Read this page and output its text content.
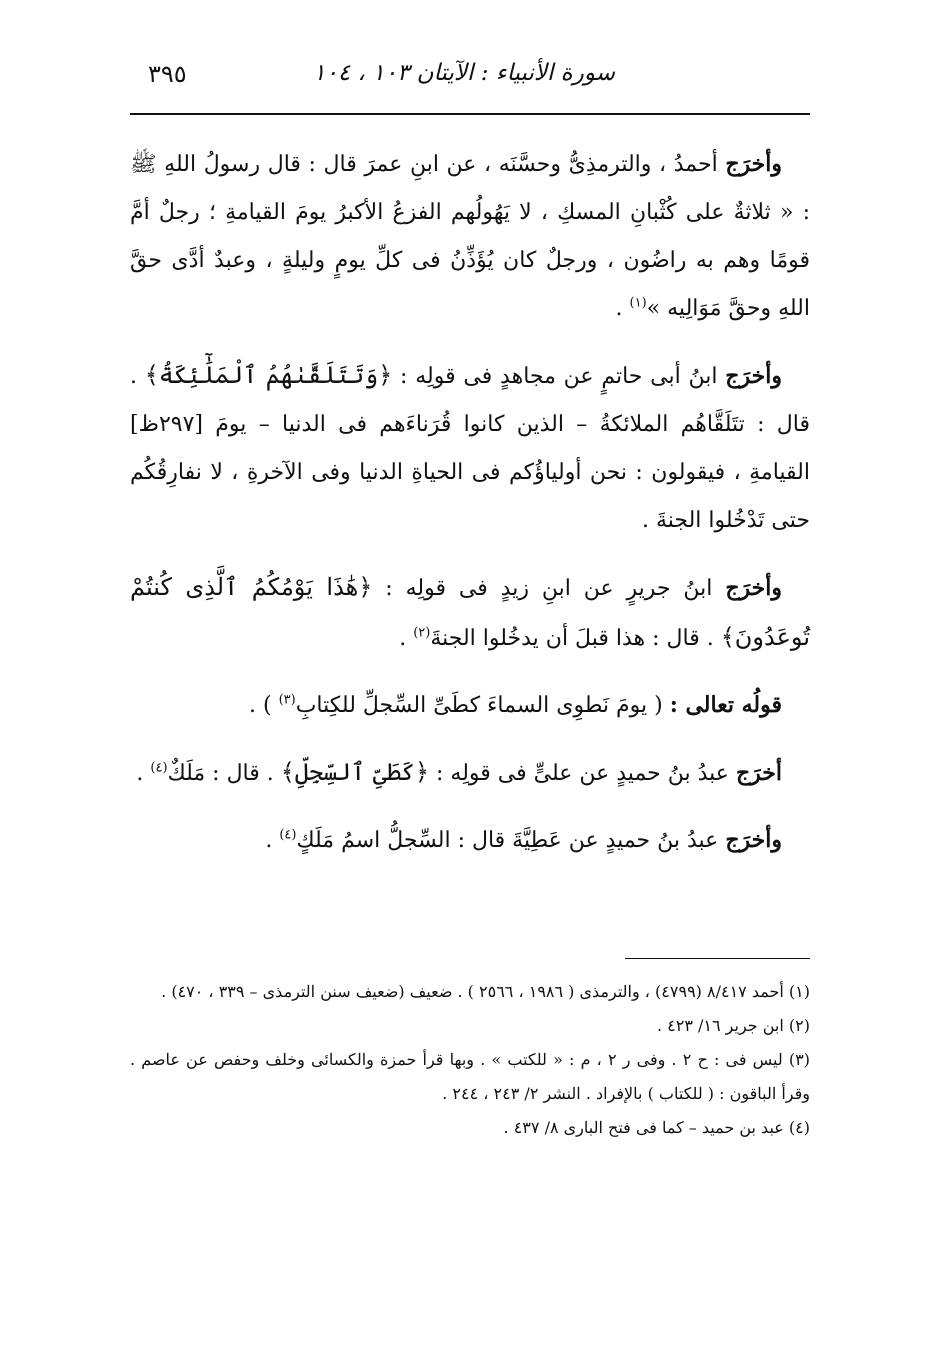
سورة الأنبياء : الآيتان ١٠٣ ، ١٠٤
٣٩٥

وأخرَج أحمدُ ، والترمذِىُّ وحسَّنَه ، عن ابنِ عمرَ قال : قال رسولُ اللهِ ﷺ : « ثلاثةٌ على كُثْبانِ المسكِ ، لا يَهُولُهم الفزعُ الأكبرُ يومَ القيامةِ ؛ رجلٌ أمَّ قومًا وهم به راضُون ، ورجلٌ كان يُؤَذِّنُ فى كلِّ يومٍ وليلةٍ ، وعبدٌ أدَّى حقَّ اللهِ وحقَّ مَوَالِيه »$^{(١)}$ .

وأخرَج ابنُ أبى حاتمٍ عن مجاهدٍ فى قولِه : ﴿وَتَتَلَقَّىٰهُمُ ٱلْمَلَٰٓئِكَةُ﴾ . قال : تتَلَقَّاهُم الملائكةُ – الذين كانوا قُرَناءَهم فى الدنيا – يومَ [٢٩٧ظ] القيامةِ ، فيقولون : نحن أولياؤُكم فى الحياةِ الدنيا وفى الآخرةِ ، لا نفارِقُكُم حتى تَدْخُلوا الجنةَ .

وأخرَج ابنُ جريرٍ عن ابنِ زيدٍ فى قولِه : ﴿هَٰذَا يَوْمُكُمُ ٱلَّذِى كُنتُمْ تُوعَدُونَ﴾ . قال : هذا قبلَ أن يدخُلوا الجنةَ$^{(٢)}$ .

قولُه تعالى : ( يومَ نَطوِى السماءَ كطَىِّ السِّجلِّ للكِتابِ$^{(٣)}$ ) .

أخرَج عبدُ بنُ حميدٍ عن علىٍّ فى قولِه : ﴿كَطَىِّ ٱلسِّجِلِّ﴾ . قال : مَلَكٌ$^{(٤)}$ .

وأخرَج عبدُ بنُ حميدٍ عن عَطِيَّةَ قال : السِّجلُّ اسمُ مَلَكٍ$^{(٤)}$ .

(١) أحمد ٨/٤١٧ (٤٧٩٩) ، والترمذى ( ١٩٨٦ ، ٢٥٦٦ ) . ضعيف (ضعيف سنن الترمذى – ٣٣٩ ، ٤٧٠) .

(٢) ابن جرير ١٦/ ٤٢٣ .

(٣) ليس فى : ح ٢ . وفى ر ٢ ، م : « للكتب » . وبها قرأ حمزة والكسائى وخلف وحفص عن عاصم . وقرأ الباقون : ( للكتاب ) بالإفراد . النشر ٢/ ٢٤٣ ، ٢٤٤ .

(٤) عبد بن حميد – كما فى فتح البارى ٨/ ٤٣٧ .
